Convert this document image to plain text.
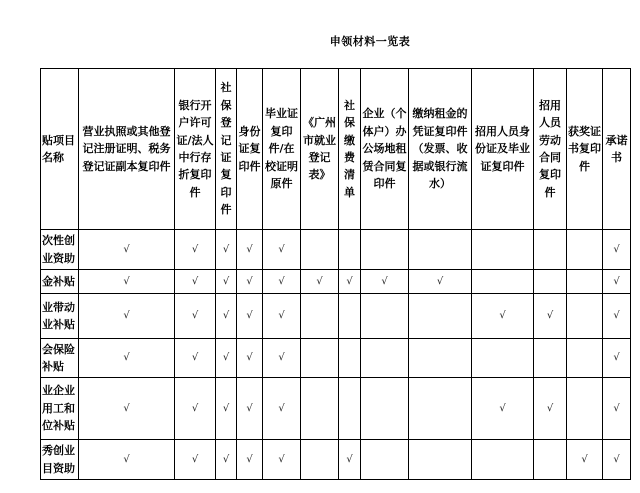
申领材料一览表
贴项目名称	营业执照或其他登记注册证明、税务登记证副本复印件	银行开户许可证/法人中行存折复印件	社保登记证复印件	身份证复印件	毕业证复印件/在校证明原件	《广州市就业登记表》	社保缴费清单	企业（个体户）办公场地租赁合同复印件	缴纳租金的凭证复印件（发票、收据或银行流水）	招用人员身份证及毕业证复印件	招用人员劳动合同复印件	获奖证书复印件	承诺书
次性创业资助	√	√	√	√	√								√
金补贴	√	√	√	√	√	√	√	√	√				√
业带动业补贴	√	√	√	√	√					√	√		√
会保险补贴	√	√	√	√	√								√
业企业用工和位补贴	√	√	√	√	√					√	√		√
秀创业目资助	√	√	√	√	√		√					√	√
